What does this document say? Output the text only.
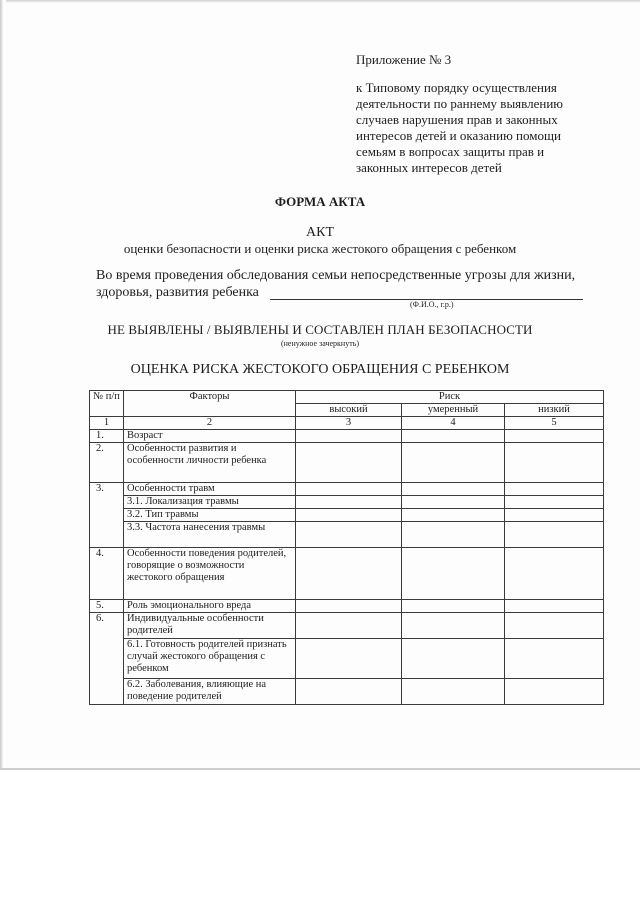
Приложение № 3
к Типовому порядку осуществления
деятельности по раннему выявлению
случаев нарушения прав и законных
интересов детей и оказанию помощи
семьям в вопросах защиты прав и
законных интересов детей
ФОРМА АКТА
АКТ
оценки безопасности и оценки риска жестокого обращения с ребенком
Во время проведения обследования семьи непосредственные угрозы для жизни,
здоровья, развития ребенка
(Ф.И.О., г.р.)
НЕ ВЫЯВЛЕНЫ / ВЫЯВЛЕНЫ И СОСТАВЛЕН ПЛАН БЕЗОПАСНОСТИ
(ненужное зачеркнуть)
ОЦЕНКА РИСКА ЖЕСТОКОГО ОБРАЩЕНИЯ С РЕБЕНКОМ
№ п/п	Факторы	Риск		
		высокий	умеренный	низкий
1	2	3	4	5
1.	Возраст			
2.	Особенности развития и особенности личности ребенка			
3.	Особенности травм			
	3.1. Локализация травмы			
	3.2. Тип травмы			
	3.3. Частота нанесения травмы			
4.	Особенности поведения родителей, говорящие о возможности жестокого обращения			
5.	Роль эмоционального вреда			
6.	Индивидуальные особенности родителей			
	6.1. Готовность родителей признать случай жестокого обращения с ребенком			
	6.2. Заболевания, влияющие на поведение родителей			
